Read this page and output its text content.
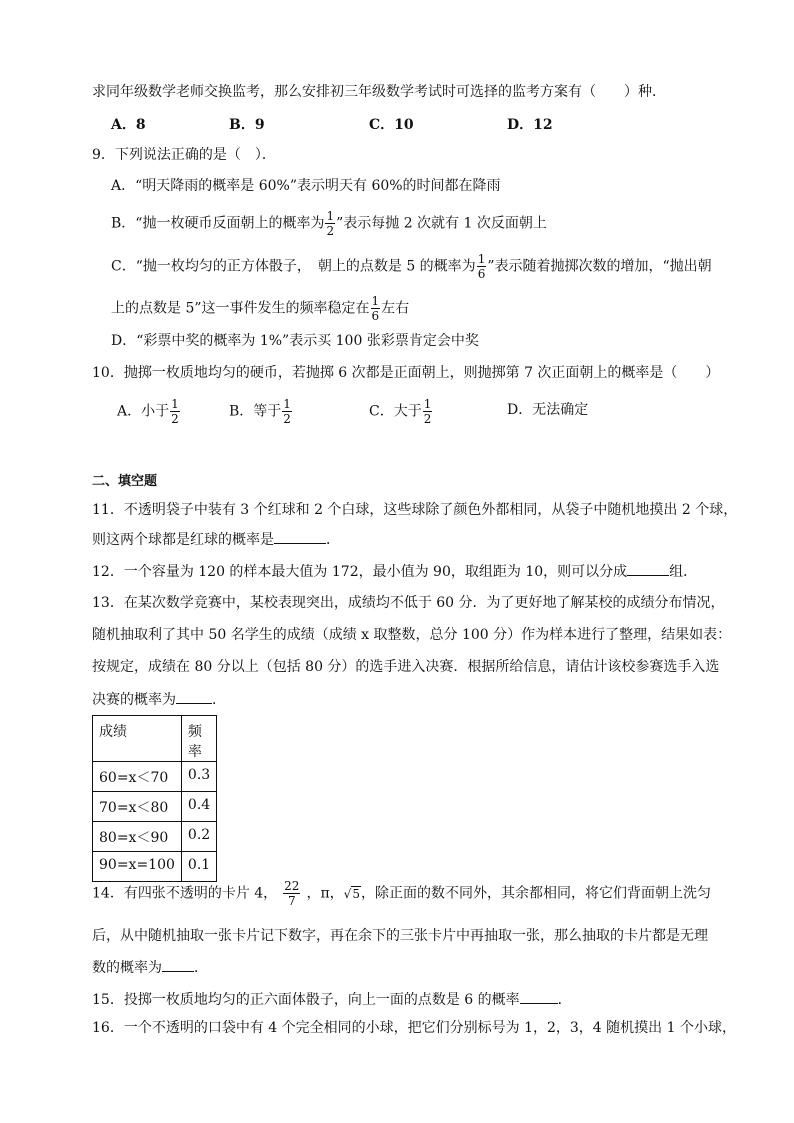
求同年级数学老师交换监考，那么安排初三年级数学考试时可选择的监考方案有（　　）种．
A．8	B．9	C．10	D．12
9．下列说法正确的是（　）．
A．“明天降雨的概率是 60%”表示明天有 60%的时间都在降雨
B．“抛一枚硬币反面朝上的概率为 $\frac{1}{2}$ ”表示每抛 2 次就有 1 次反面朝上
C．“抛一枚均匀的正方体骰子，　朝上的点数是 5 的概率为 $\frac{1}{6}$ ”表示随着抛掷次数的增加，“抛出朝
上的点数是 5”这一事件发生的频率稳定在 $\frac{1}{6}$ 左右
D．“彩票中奖的概率为 1%”表示买 100 张彩票肯定会中奖
10．抛掷一枚质地均匀的硬币，若抛掷 6 次都是正面朝上，则抛掷第 7 次正面朝上的概率是（　　）
A．小于 $\frac{1}{2}$	B．等于 $\frac{1}{2}$	C．大于 $\frac{1}{2}$	D．无法确定
二、填空题
11．不透明袋子中装有 3 个红球和 2 个白球，这些球除了颜色外都相同，从袋子中随机地摸出 2 个球，
则这两个球都是红球的概率是	．
12．一个容量为 120 的样本最大值为 172，最小值为 90，取组距为 10，则可以分成	组．
13．在某次数学竞赛中，某校表现突出，成绩均不低于 60 分．为了更好地了解某校的成绩分布情况，
随机抽取利了其中 50 名学生的成绩（成绩 x 取整数，总分 100 分）作为样本进行了整理，结果如表：
按规定，成绩在 80 分以上（包括 80 分）的选手进入决赛．根据所给信息，请估计该校参赛选手入选
决赛的概率为	．
成绩	频率
60=x＜70	0.3
70=x＜80	0.4
80=x＜90	0.2
90=x=100	0.1
14．有四张不透明的卡片 4， $\frac{22}{7}$ ，π，√5，除正面的数不同外，其余都相同，将它们背面朝上洗匀
后，从中随机抽取一张卡片记下数字，再在余下的三张卡片中再抽取一张，那么抽取的卡片都是无理
数的概率为 ．
15．投掷一枚质地均匀的正六面体骰子，向上一面的点数是 6 的概率	．
16．一个不透明的口袋中有 4 个完全相同的小球，把它们分别标号为 1，2，3，4 随机摸出 1 个小球，
